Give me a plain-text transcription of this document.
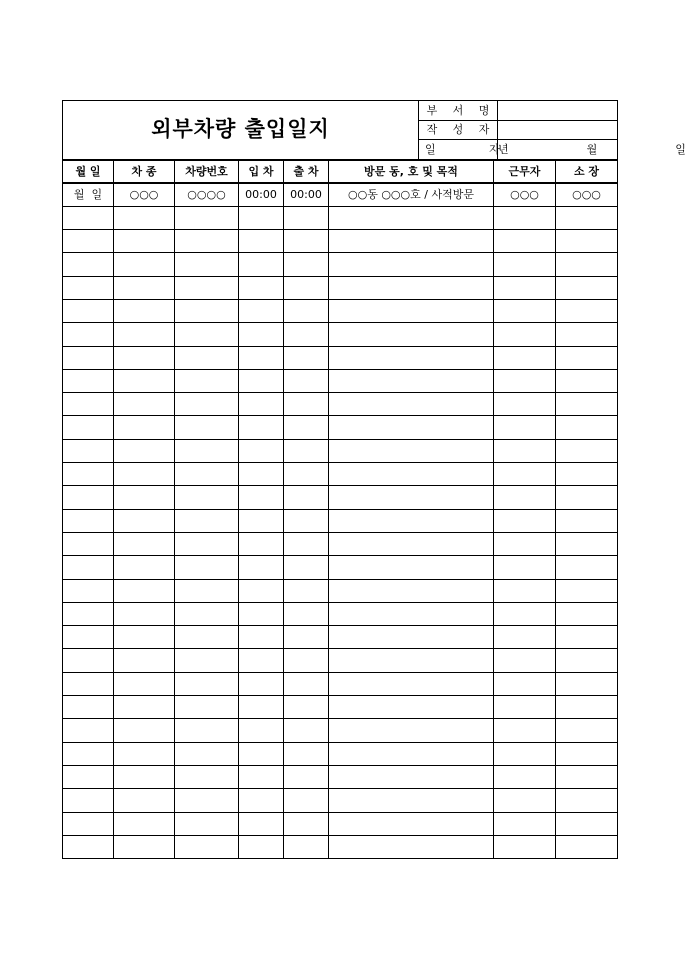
외부차량 출입일지	부 서 명	
	작 성 자	
	일     자	년    월    일
월 일	차 종	차량번호	입 차	출 차	방문 동, 호 및 목적	근무자	소 장
월  일	○○○	○○○○	00:00	00:00	○○동 ○○○호 / 사적방문	○○○	○○○
